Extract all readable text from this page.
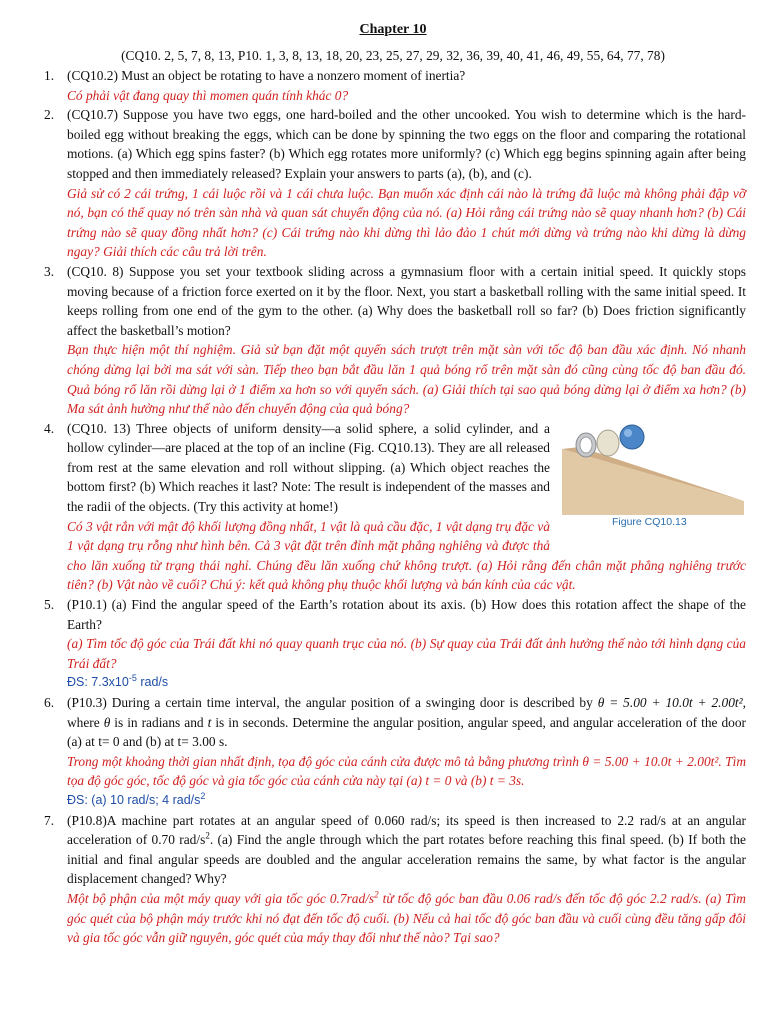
Chapter 10
(CQ10. 2, 5, 7, 8, 13, P10. 1, 3, 8, 13, 18, 20, 23, 25, 27, 29, 32, 36, 39, 40, 41, 46, 49, 55, 64, 77, 78)
1. (CQ10.2) Must an object be rotating to have a nonzero moment of inertia?
Có phải vật đang quay thì momen quán tính khác 0?
2. (CQ10.7) Suppose you have two eggs, one hard-boiled and the other uncooked. You wish to determine which is the hard-boiled egg without breaking the eggs, which can be done by spinning the two eggs on the floor and comparing the rotational motions. (a) Which egg spins faster? (b) Which egg rotates more uniformly? (c) Which egg begins spinning again after being stopped and then immediately released? Explain your answers to parts (a), (b), and (c).
Giả sử có 2 cái trứng, 1 cái luộc rồi và 1 cái chưa luộc. Bạn muốn xác định cái nào là trứng đã luộc mà không phải đập vỡ nó, bạn có thể quay nó trên sàn nhà và quan sát chuyển động của nó. (a) Hỏi rằng cái trứng nào sẽ quay nhanh hơn? (b) Cái trứng nào sẽ quay đồng nhất hơn? (c) Cái trứng nào khi dừng thì lảo đảo 1 chút mới dừng và trứng nào khi dừng là dừng ngay? Giải thích các câu trả lời trên.
3. (CQ10. 8) Suppose you set your textbook sliding across a gymnasium floor with a certain initial speed. It quickly stops moving because of a friction force exerted on it by the floor. Next, you start a basketball rolling with the same initial speed. It keeps rolling from one end of the gym to the other. (a) Why does the basketball roll so far? (b) Does friction significantly affect the basketball’s motion?
Bạn thực hiện một thí nghiệm. Giả sử bạn đặt một quyển sách trượt trên mặt sàn với tốc độ ban đầu xác định. Nó nhanh chóng dừng lại bởi ma sát với sàn. Tiếp theo bạn bắt đầu lăn 1 quả bóng rổ trên mặt sàn đó cũng cùng tốc độ ban đầu đó. Quả bóng rổ lăn rồi dừng lại ở 1 điểm xa hơn so với quyển sách. (a) Giải thích tại sao quả bóng dừng lại ở điểm xa hơn? (b) Ma sát ảnh hưởng như thế nào đến chuyển động của quả bóng?
4.
Figure CQ10.13
(CQ10. 13) Three objects of uniform density—a solid sphere, a solid cylinder, and a hollow cylinder—are placed at the top of an incline (Fig. CQ10.13). They are all released from rest at the same elevation and roll without slipping. (a) Which object reaches the bottom first? (b) Which reaches it last? Note: The result is independent of the masses and the radii of the objects. (Try this activity at home!)
Có 3 vật rắn với mật độ khối lượng đồng nhất, 1 vật là quả cầu đặc, 1 vật dạng trụ đặc và 1 vật dạng trụ rỗng như hình bên. Cả 3 vật đặt trên đỉnh mặt phẳng nghiêng và được thả cho lăn xuống từ trạng thái nghỉ. Chúng đều lăn xuống chứ không trượt. (a) Hỏi rằng đến chân mặt phẳng nghiêng trước tiên? (b) Vật nào về cuối? Chú ý: kết quả không phụ thuộc khối lượng và bán kính của các vật.
5. (P10.1) (a) Find the angular speed of the Earth’s rotation about its axis. (b) How does this rotation affect the shape of the Earth?
(a) Tìm tốc độ góc của Trái đất khi nó quay quanh trục của nó. (b) Sự quay của Trái đất ảnh hưởng thế nào tới hình dạng của Trái đất?
ĐS: $7.3x10^{-5}$ rad/s
6. (P10.3) During a certain time interval, the angular position of a swinging door is described by θ = 5.00 + 10.0t + 2.00t², where θ is in radians and t is in seconds. Determine the angular position, angular speed, and angular acceleration of the door (a) at t= 0 and (b) at t= 3.00 s.
Trong một khoảng thời gian nhất định, tọa độ góc của cánh cửa được mô tả bằng phương trình θ = 5.00 + 10.0t + 2.00t². Tìm tọa độ góc góc, tốc độ góc và gia tốc góc của cánh cửa này tại (a) t = 0 và (b) t = 3s.
ĐS: (a) 10 rad/s; 4 rad/$s^2$
7. (P10.8)A machine part rotates at an angular speed of 0.060 rad/s; its speed is then increased to 2.2 rad/s at an angular acceleration of 0.70 rad/$s^2$. (a) Find the angle through which the part rotates before reaching this final speed. (b) If both the initial and final angular speeds are doubled and the angular acceleration remains the same, by what factor is the angular displacement changed? Why?
Một bộ phận của một máy quay với gia tốc góc $0.7rad/s^2$ từ tốc độ góc ban đầu 0.06 rad/s đến tốc độ góc 2.2 rad/s. (a) Tìm góc quét của bộ phận máy trước khi nó đạt đến tốc độ cuối. (b) Nếu cả hai tốc độ góc ban đầu và cuối cùng đều tăng gấp đôi và gia tốc góc vẫn giữ nguyên, góc quét của máy thay đổi như thế nào? Tại sao?
